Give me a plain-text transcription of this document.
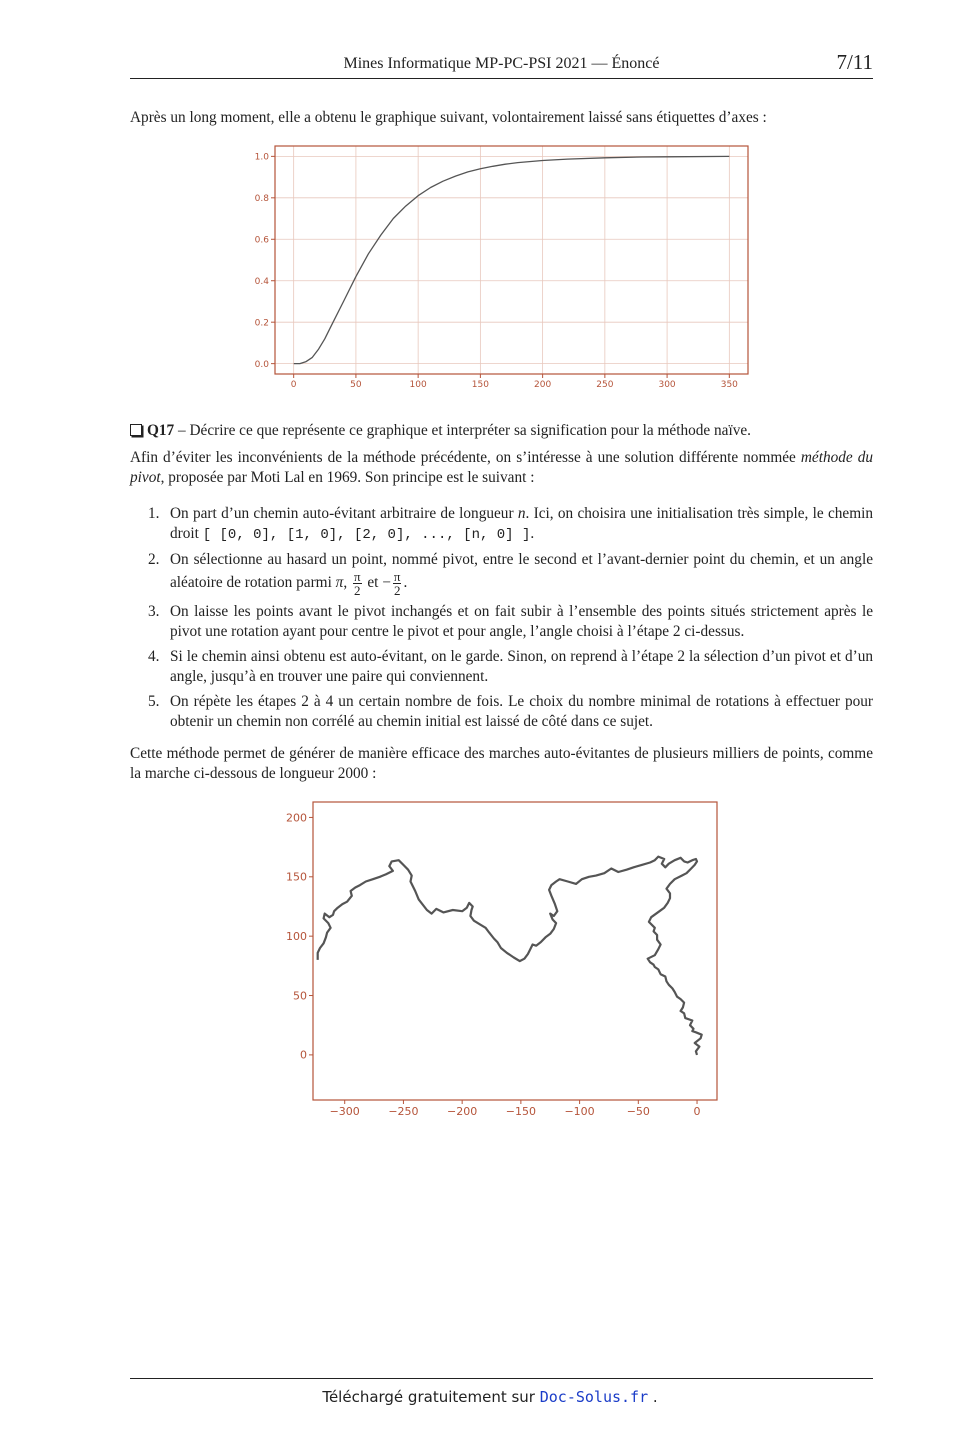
Mines Informatique MP-PC-PSI 2021 — Énoncé	7/11
Après un long moment, elle a obtenu le graphique suivant, volontairement laissé sans étiquettes d’axes :
0	50	100	150	200	250	300	350
0.0
0.2
0.4
0.6
0.8
1.0
Q17 – Décrire ce que représente ce graphique et interpréter sa signification pour la méthode naïve.
Afin d’éviter les inconvénients de la méthode précédente, on s’intéresse à une solution différente nommée méthode du pivot, proposée par Moti Lal en 1969. Son principe est le suivant :
1. On part d’un chemin auto-évitant arbitraire de longueur n. Ici, on choisira une initialisation très simple, le chemin droit [ [0, 0], [1, 0], [2, 0], ..., [n, 0] ].
2. On sélectionne au hasard un point, nommé pivot, entre le second et l’avant-dernier point du chemin, et un angle aléatoire de rotation parmi π, $\frac{\pi}{2}$ et − $\frac{\pi}{2}$ .
3. On laisse les points avant le pivot inchangés et on fait subir à l’ensemble des points situés strictement après le pivot une rotation ayant pour centre le pivot et pour angle, l’angle choisi à l’étape 2 ci-dessus.
4. Si le chemin ainsi obtenu est auto-évitant, on le garde. Sinon, on reprend à l’étape 2 la sélection d’un pivot et d’un angle, jusqu’à en trouver une paire qui conviennent.
5. On répète les étapes 2 à 4 un certain nombre de fois. Le choix du nombre minimal de rotations à effectuer pour obtenir un chemin non corrélé au chemin initial est laissé de côté dans ce sujet.
Cette méthode permet de générer de manière efficace des marches auto-évitantes de plusieurs milliers de points, comme la marche ci-dessous de longueur 2000 :
−300	−250	−200	−150	−100	−50	0
0
50
100
150
200
Téléchargé gratuitement sur Doc-Solus.fr .
